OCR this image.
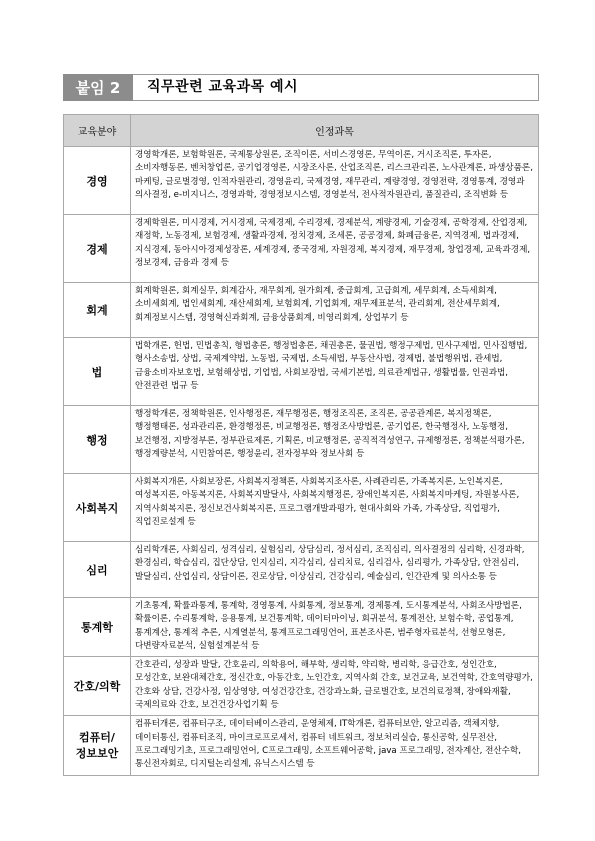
붙임 2	직무관련 교육과목 예시
교육분야	인정과목
경영	경영학개론, 보험학원론, 국제통상원론, 조직이론, 서비스경영론, 무역이론, 거시조직론, 투자론, 소비자행동론, 벤처창업론, 공기업경영론, 시장조사론, 산업조직론, 리스크관리론, 노사관계론, 파생상품론, 마케팅, 글로벌경영, 인적자원관리, 경영윤리, 국제경영, 재무관리, 계량경영, 경영전략, 경영통계, 경영과 의사결정, e-비지니스, 경영과학, 경영정보시스템, 경영분석, 전사적자원관리, 품질관리, 조직변화 등
경제	경제학원론, 미시경제, 거시경제, 국제경제, 수리경제, 경제분석, 계량경제, 기술경제, 공학경제, 산업경제, 재정학, 노동경제, 보험경제, 생활과경제, 정치경제, 조세론, 공공경제, 화폐금융론, 지역경제, 법과경제, 지식경제, 동아시아경제성장론, 세계경제, 중국경제, 자원경제, 복지경제, 재무경제, 창업경제, 교육과경제, 정보경제, 금융과 경제 등
회계	회계학원론, 회계실무, 회계감사, 재무회계, 원가회계, 중급회계, 고급회계, 세무회계, 소득세회계, 소비세회계, 법인세회계, 재산세회계, 보험회계, 기업회계, 재무제표분석, 관리회계, 전산세무회계, 회계정보시스템, 경영혁신과회계, 금융상품회계, 비영리회계, 상업부기 등
법	법학개론, 헌법, 민법총칙, 형법총론, 행정법총론, 채권총론, 물권법, 행정구제법, 민사구제법, 민사집행법, 형사소송법, 상법, 국제계약법, 노동법, 국제법, 소득세법, 부동산사법, 경제법, 불법행위법, 관세법, 금융소비자보호법, 보험해상법, 기업법, 사회보장법, 국세기본법, 의료관계법규, 생활법률, 인권과법, 안전관련 법규 등
행정	행정학개론, 정책학원론, 인사행정론, 재무행정론, 행정조직론, 조직론, 공공관계론, 복지정책론, 행정행태론, 성과관리론, 환경행정론, 비교행정론, 행정조사방법론, 공기업론, 한국행정사, 노동행정, 보건행정, 지방정부론, 정부관료제론, 기획론, 비교행정론, 공직적격성연구, 규제행정론, 정책분석평가론, 행정계량분석, 시민참여론, 행정윤리, 전자정부와 정보사회 등
사회복지	사회복지개론, 사회보장론, 사회복지정책론, 사회복지조사론, 사례관리론, 가족복지론, 노인복지론, 여성복지론, 아동복지론, 사회복지발달사, 사회복지행정론, 장애인복지론, 사회복지마케팅, 자원봉사론, 지역사회복지론, 정신보건사회복지론, 프로그램개발과평가, 현대사회와 가족, 가족상담, 직업평가,직업진로설계 등
심리	심리학개론, 사회심리, 성격심리, 실험심리, 상담심리, 정서심리, 조직심리, 의사결정의 심리학, 신경과학, 환경심리, 학습심리, 집단상담, 인지심리, 지각심리, 심리치료, 심리검사, 심리평가, 가족상담, 안전심리, 발달심리, 산업심리, 상담이론, 진로상담, 이상심리, 건강심리, 예술심리, 인간관계 및 의사소통 등
통계학	기초통계, 확률과통계, 통계학, 경영통계, 사회통계, 정보통계, 경제통계, 도시통계분석, 사회조사방법론, 확률이론, 수리통계학, 응용통계, 보건통계학, 데이터마이닝, 회귀분석, 통계전산, 보험수학, 공업통계, 통계계산, 통계적 추론, 시계열분석, 통계프로그래밍언어, 표본조사론, 범주형자료분석, 선형모형론, 다변량자료분석, 실험설계분석 등
간호/의학	간호관리, 성장과 발달, 간호윤리, 의학용어, 해부학, 생리학, 약리학, 병리학, 응급간호, 성인간호, 모성간호, 보완대체간호, 정신간호, 아동간호, 노인간호, 지역사회 간호, 보건교육, 보건역학, 간호역량평가, 간호와 상담, 건강사정, 임상영양, 여성건강간호, 건강과노화, 글로벌간호, 보건의료정책, 장애와재활, 국제의료와 간호, 보건건강사업기획 등
컴퓨터/
정보보안	컴퓨터개론, 컴퓨터구조, 데이터베이스관리, 운영체제, IT학개론, 컴퓨터보안, 알고리즘, 객체지향, 데이터통신, 컴퓨터조직, 마이크로프로세서, 컴퓨터 네트워크, 정보처리실습, 통신공학, 실무전산, 프로그래밍기초, 프로그래밍언어, C프로그래밍, 소프트웨어공학, java 프로그래밍, 전자계산, 전산수학, 통신전자회로, 디지털논리설계, 유닉스시스템 등
